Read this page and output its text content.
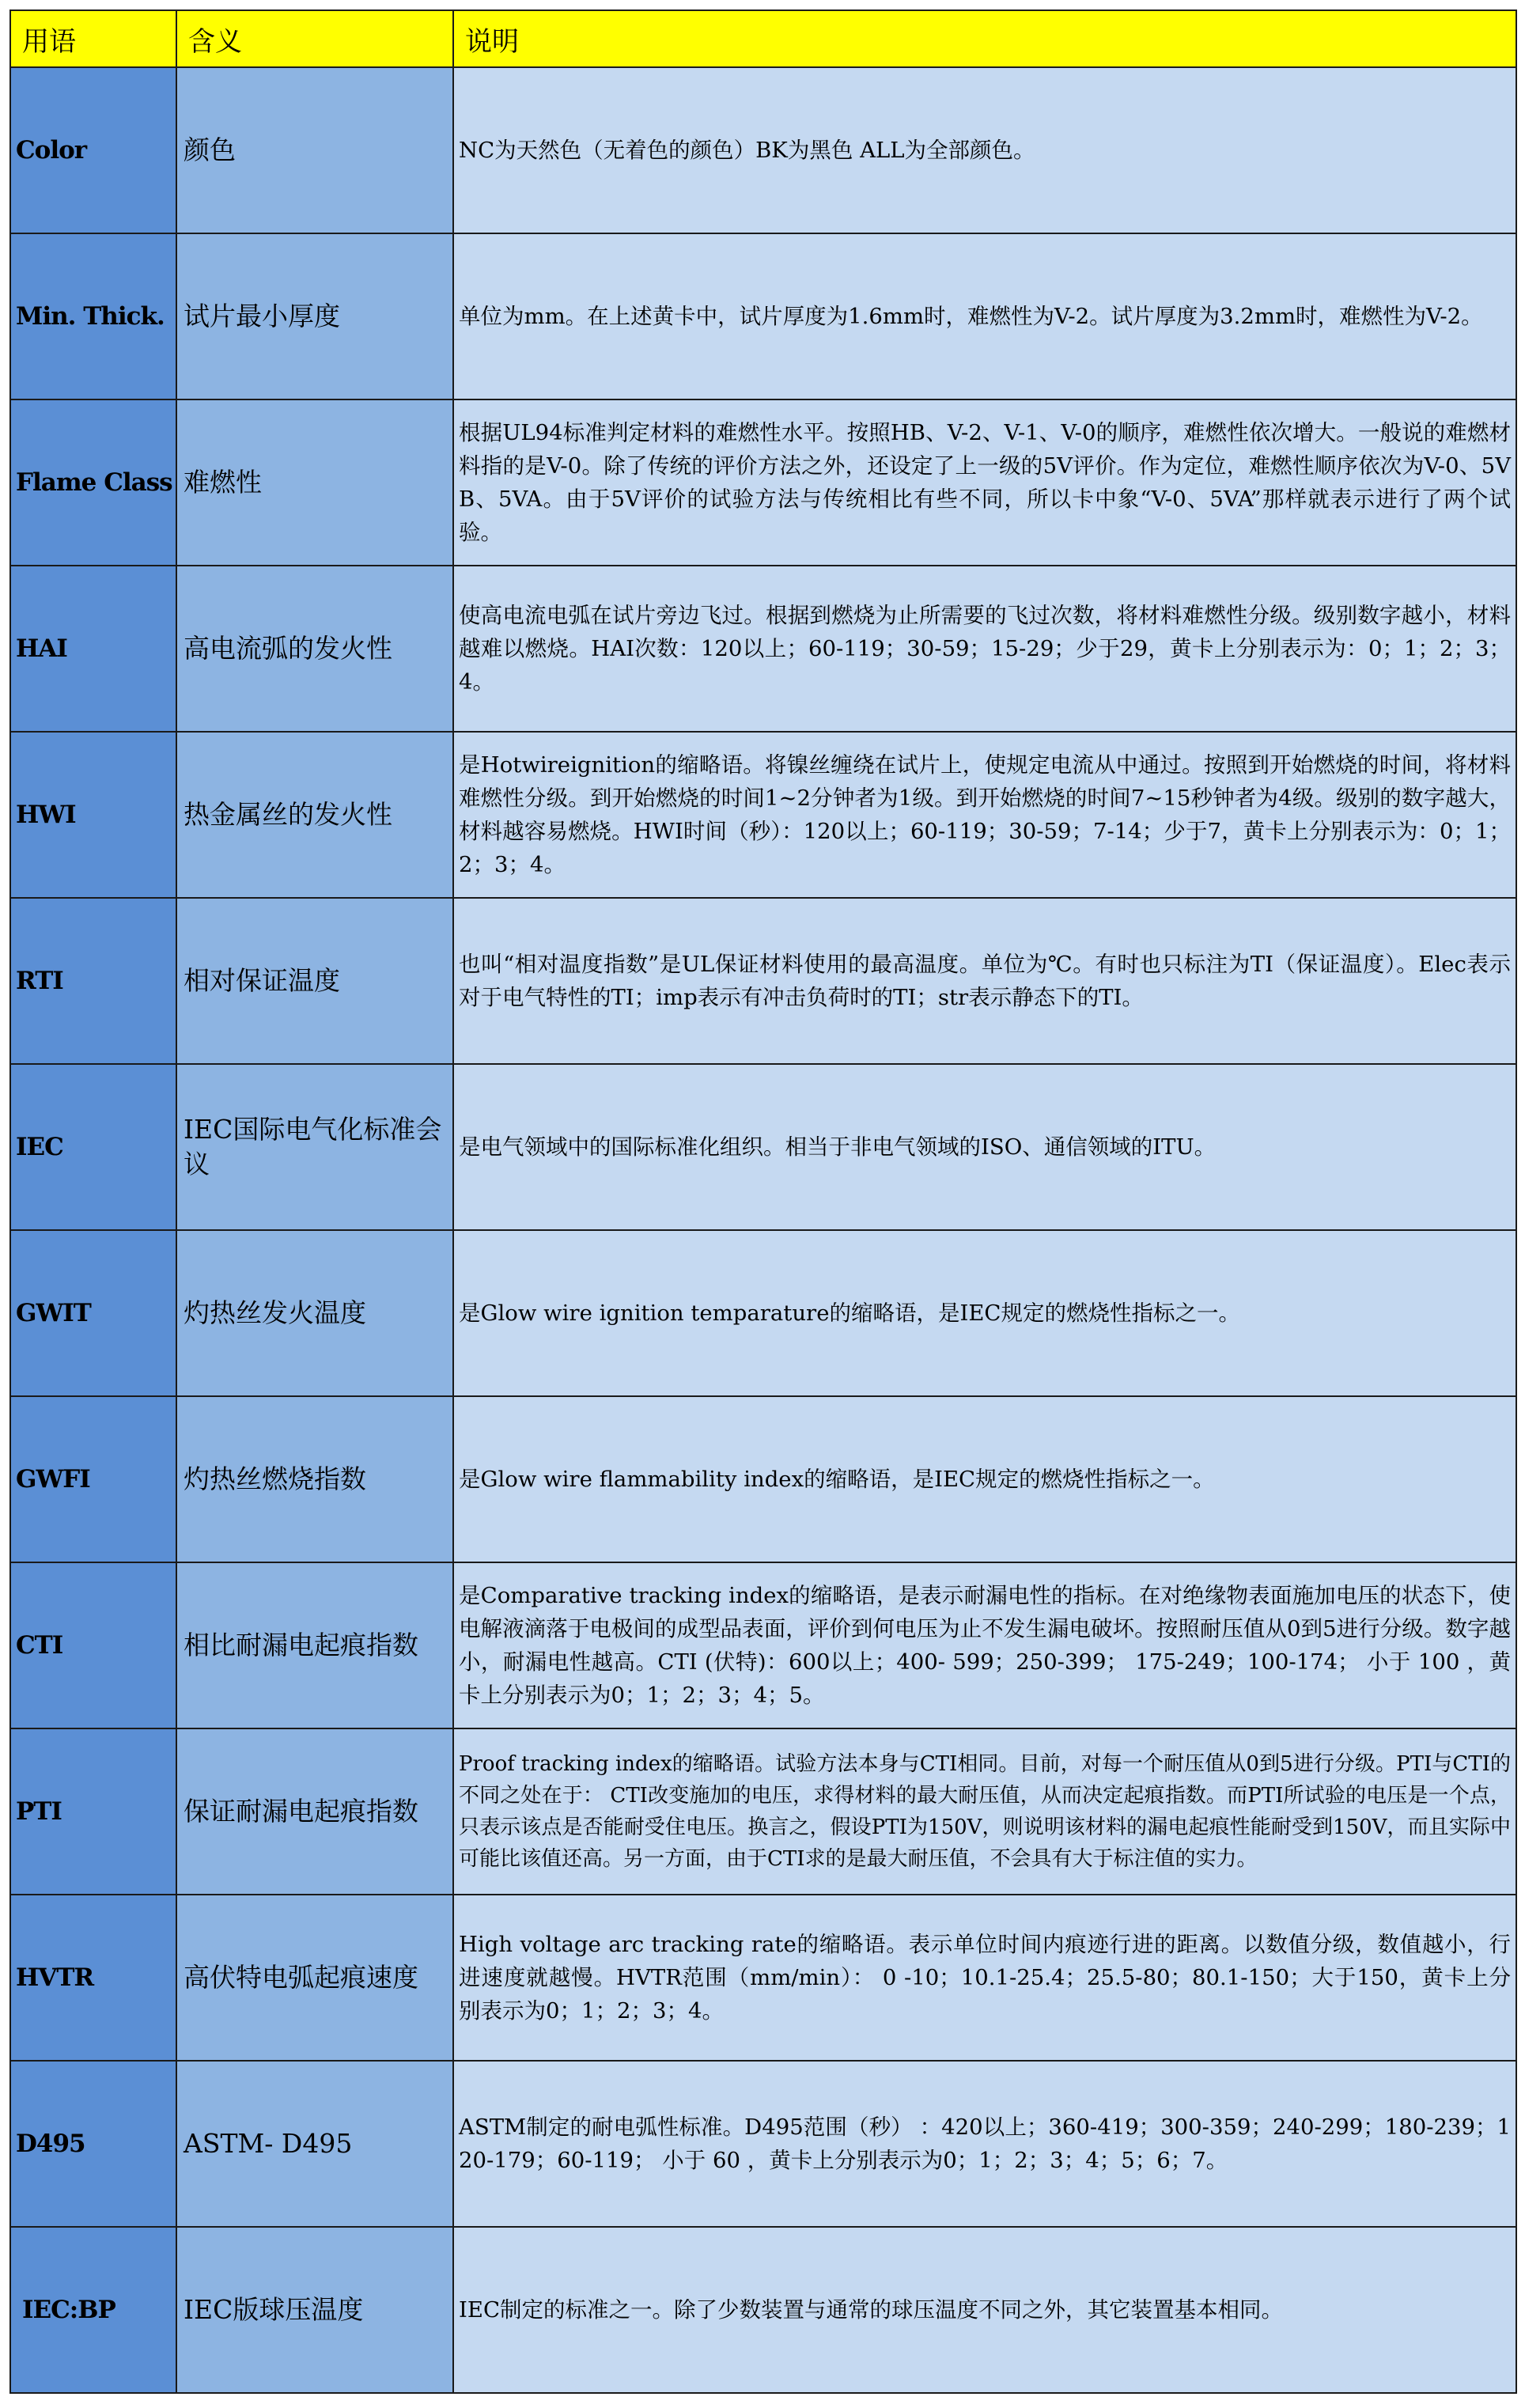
用语	含义	说明
Color	颜色	NC为天然色（无着色的颜色）BK为黑色 ALL为全部颜色。
Min. Thick.	试片最小厚度	单位为mm。在上述黄卡中，试片厚度为1.6mm时，难燃性为V-2。试片厚度为3.2mm时，难燃性为V-2。
Flame Class	难燃性	根据UL94标准判定材料的难燃性水平。按照HB、V-2、V-1、V-0的顺序，难燃性依次增大。一般说的难燃材料指的是V-0。除了传统的评价方法之外，还设定了上一级的5V评价。作为定位，难燃性顺序依次为V-0、5VB、5VA。由于5V评价的试验方法与传统相比有些不同，所以卡中象“V-0、5VA”那样就表示进行了两个试验。
HAI	高电流弧的发火性	使高电流电弧在试片旁边飞过。根据到燃烧为止所需要的飞过次数，将材料难燃性分级。级别数字越小，材料越难以燃烧。HAI次数：120以上；60-119；30-59；15-29；少于29，黄卡上分别表示为：0；1；2；3；4。
HWI	热金属丝的发火性	是Hotwireignition的缩略语。将镍丝缠绕在试片上，使规定电流从中通过。按照到开始燃烧的时间，将材料难燃性分级。到开始燃烧的时间1~2分钟者为1级。到开始燃烧的时间7~15秒钟者为4级。级别的数字越大，材料越容易燃烧。HWI时间（秒）：120以上；60-119；30-59；7-14；少于7，黄卡上分别表示为：0；1；2；3；4。
RTI	相对保证温度	也叫“相对温度指数”是UL保证材料使用的最高温度。单位为℃。有时也只标注为TI（保证温度）。Elec表示对于电气特性的TI；imp表示有冲击负荷时的TI；str表示静态下的TI。
IEC	IEC国际电气化标准会议	是电气领域中的国际标准化组织。相当于非电气领域的ISO、通信领域的ITU。
GWIT	灼热丝发火温度	是Glow wire ignition temparature的缩略语，是IEC规定的燃烧性指标之一。
GWFI	灼热丝燃烧指数	是Glow wire flammability index的缩略语，是IEC规定的燃烧性指标之一。
CTI	相比耐漏电起痕指数	是Comparative tracking index的缩略语，是表示耐漏电性的指标。在对绝缘物表面施加电压的状态下，使电解液滴落于电极间的成型品表面，评价到何电压为止不发生漏电破坏。按照耐压值从0到5进行分级。数字越小，耐漏电性越高。CTI (伏特)：600以上；400- 599；250-399； 175-249；100-174； 小于 100 ，黄卡上分别表示为0；1；2；3；4；5。
PTI	保证耐漏电起痕指数	Proof tracking index的缩略语。试验方法本身与CTI相同。目前，对每一个耐压值从0到5进行分级。PTI与CTI的不同之处在于： CTI改变施加的电压，求得材料的最大耐压值，从而决定起痕指数。而PTI所试验的电压是一个点，只表示该点是否能耐受住电压。换言之，假设PTI为150V，则说明该材料的漏电起痕性能耐受到150V，而且实际中可能比该值还高。另一方面，由于CTI求的是最大耐压值，不会具有大于标注值的实力。
HVTR	高伏特电弧起痕速度	High voltage arc tracking rate的缩略语。表示单位时间内痕迹行进的距离。以数值分级，数值越小，行进速度就越慢。HVTR范围（mm/min）： 0 -10；10.1-25.4；25.5-80；80.1-150；大于150，黄卡上分别表示为0；1；2；3；4。
D495	ASTM- D495	ASTM制定的耐电弧性标准。D495范围（秒） ：420以上；360-419；300-359；240-299；180-239；120-179；60-119； 小于 60 ，黄卡上分别表示为0；1；2；3；4；5；6；7。
IEC:BP	IEC版球压温度	IEC制定的标准之一。除了少数装置与通常的球压温度不同之外，其它装置基本相同。
